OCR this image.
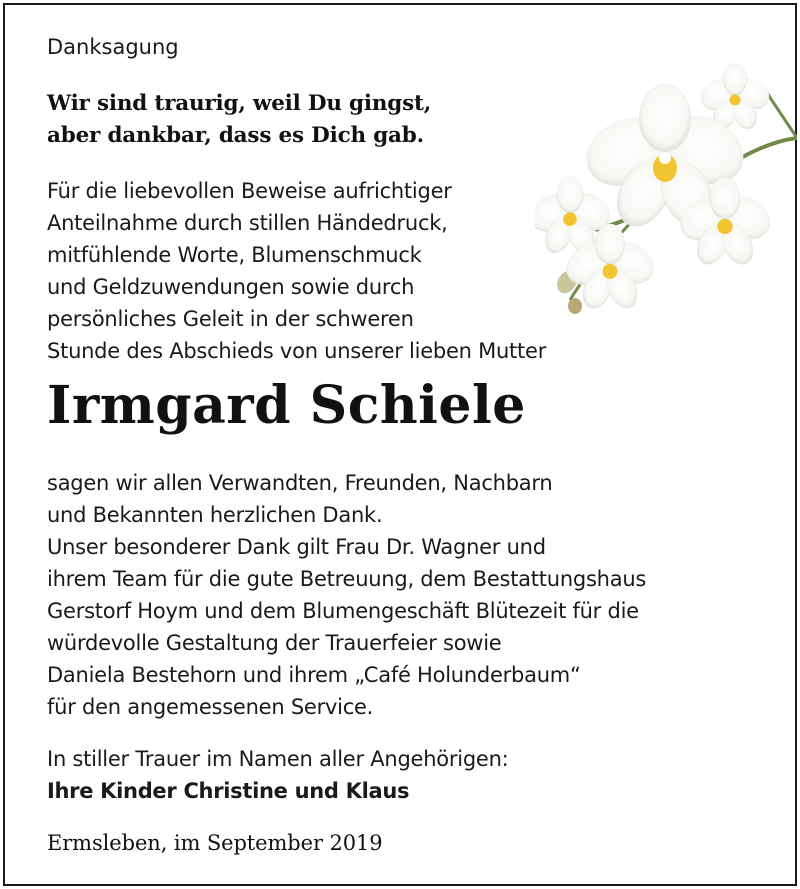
Danksagung
Wir sind traurig, weil Du gingst,
aber dankbar, dass es Dich gab.
Für die liebevollen Beweise aufrichtiger
Anteilnahme durch stillen Händedruck,
mitfühlende Worte, Blumenschmuck
und Geldzuwendungen sowie durch
persönliches Geleit in der schweren
Stunde des Abschieds von unserer lieben Mutter
Irmgard Schiele
sagen wir allen Verwandten, Freunden, Nachbarn
und Bekannten herzlichen Dank.
Unser besonderer Dank gilt Frau Dr. Wagner und
ihrem Team für die gute Betreuung, dem Bestattungshaus
Gerstorf Hoym und dem Blumengeschäft Blütezeit für die
würdevolle Gestaltung der Trauerfeier sowie
Daniela Bestehorn und ihrem „Café Holunderbaum“
für den angemessenen Service.
In stiller Trauer im Namen aller Angehörigen:
Ihre Kinder Christine und Klaus
Ermsleben, im September 2019
